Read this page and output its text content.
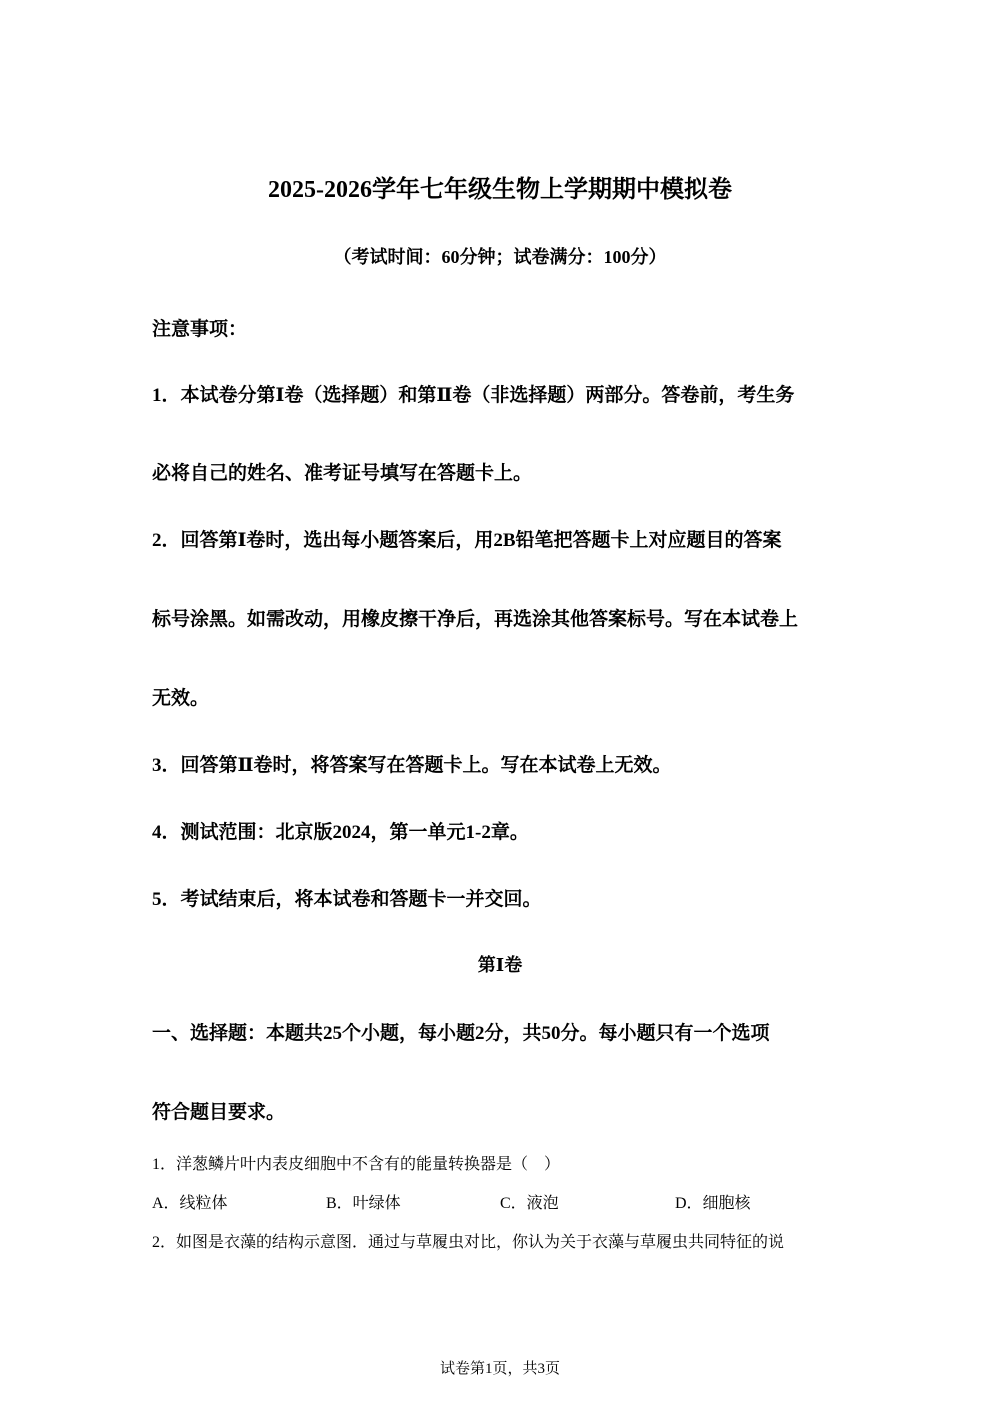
2025-2026学年七年级生物上学期期中模拟卷
（考试时间：60分钟；试卷满分：100分）
注意事项：
1．本试卷分第Ⅰ卷（选择题）和第Ⅱ卷（非选择题）两部分。答卷前，考生务
必将自己的姓名、准考证号填写在答题卡上。
2．回答第Ⅰ卷时，选出每小题答案后，用2B铅笔把答题卡上对应题目的答案
标号涂黑。如需改动，用橡皮擦干净后，再选涂其他答案标号。写在本试卷上
无效。
3．回答第Ⅱ卷时，将答案写在答题卡上。写在本试卷上无效。
4．测试范围：北京版2024，第一单元1-2章。
5．考试结束后，将本试卷和答题卡一并交回。
第Ⅰ卷
一、选择题：本题共25个小题，每小题2分，共50分。每小题只有一个选项
符合题目要求。
1．洋葱鳞片叶内表皮细胞中不含有的能量转换器是（　）
A．线粒体	B．叶绿体	C．液泡	D．细胞核
2．如图是衣藻的结构示意图．通过与草履虫对比，你认为关于衣藻与草履虫共同特征的说
试卷第1页，共3页
